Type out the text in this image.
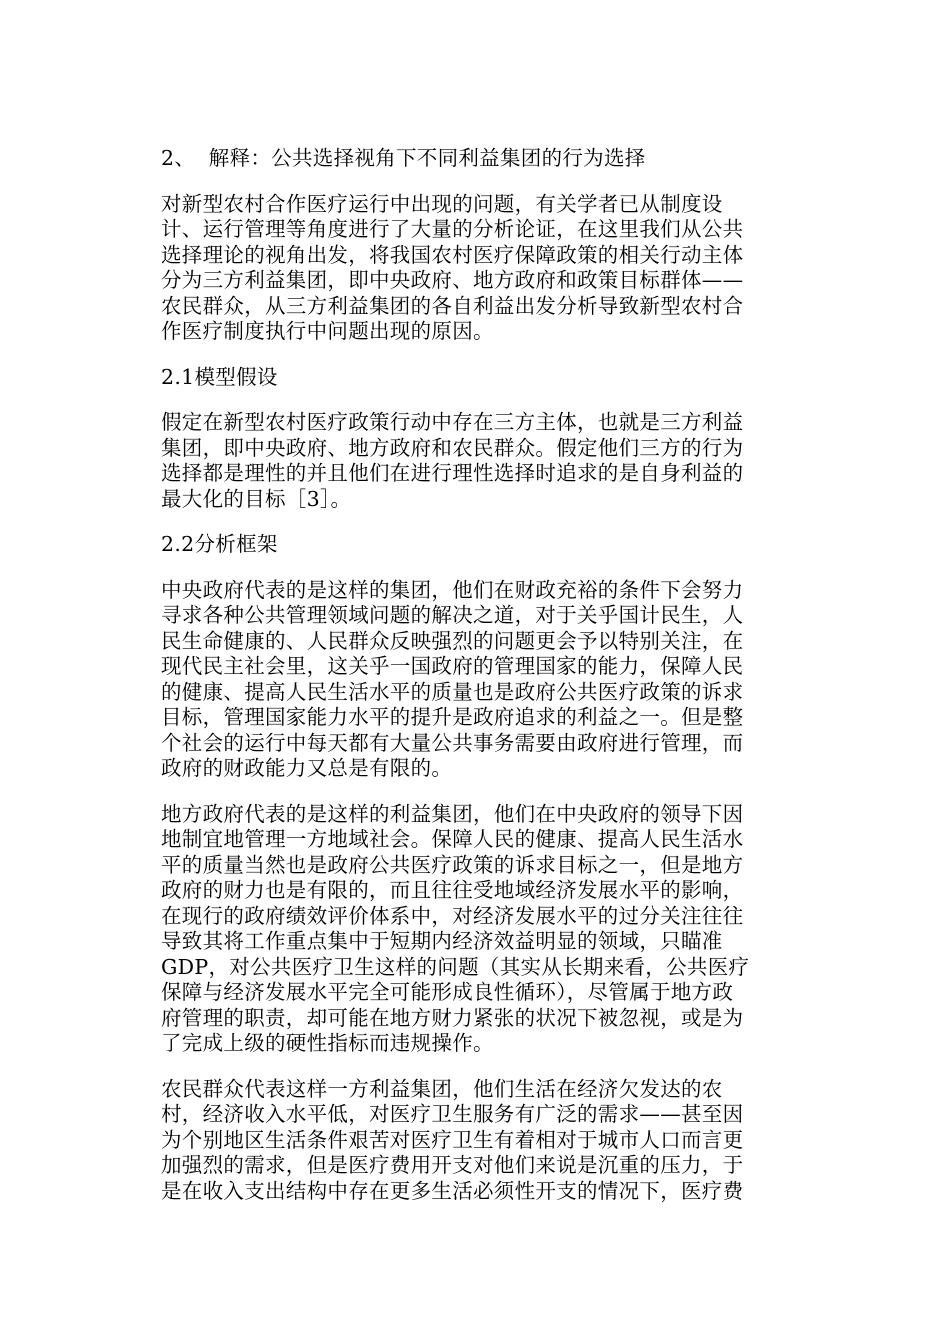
2、  解释：公共选择视角下不同利益集团的行为选择
对新型农村合作医疗运行中出现的问题，有关学者已从制度设
计、运行管理等角度进行了大量的分析论证，在这里我们从公共
选择理论的视角出发，将我国农村医疗保障政策的相关行动主体
分为三方利益集团，即中央政府、地方政府和政策目标群体——
农民群众，从三方利益集团的各自利益出发分析导致新型农村合
作医疗制度执行中问题出现的原因。
2.1模型假设
假定在新型农村医疗政策行动中存在三方主体，也就是三方利益
集团，即中央政府、地方政府和农民群众。假定他们三方的行为
选择都是理性的并且他们在进行理性选择时追求的是自身利益的
最大化的目标［3］。
2.2分析框架
中央政府代表的是这样的集团，他们在财政充裕的条件下会努力
寻求各种公共管理领域问题的解决之道，对于关乎国计民生，人
民生命健康的、人民群众反映强烈的问题更会予以特别关注，在
现代民主社会里，这关乎一国政府的管理国家的能力，保障人民
的健康、提高人民生活水平的质量也是政府公共医疗政策的诉求
目标，管理国家能力水平的提升是政府追求的利益之一。但是整
个社会的运行中每天都有大量公共事务需要由政府进行管理，而
政府的财政能力又总是有限的。
地方政府代表的是这样的利益集团，他们在中央政府的领导下因
地制宜地管理一方地域社会。保障人民的健康、提高人民生活水
平的质量当然也是政府公共医疗政策的诉求目标之一，但是地方
政府的财力也是有限的，而且往往受地域经济发展水平的影响，
在现行的政府绩效评价体系中，对经济发展水平的过分关注往往
导致其将工作重点集中于短期内经济效益明显的领域，只瞄准
GDP，对公共医疗卫生这样的问题（其实从长期来看，公共医疗
保障与经济发展水平完全可能形成良性循环），尽管属于地方政
府管理的职责，却可能在地方财力紧张的状况下被忽视，或是为
了完成上级的硬性指标而违规操作。
农民群众代表这样一方利益集团，他们生活在经济欠发达的农
村，经济收入水平低，对医疗卫生服务有广泛的需求——甚至因
为个别地区生活条件艰苦对医疗卫生有着相对于城市人口而言更
加强烈的需求，但是医疗费用开支对他们来说是沉重的压力，于
是在收入支出结构中存在更多生活必须性开支的情况下，医疗费
